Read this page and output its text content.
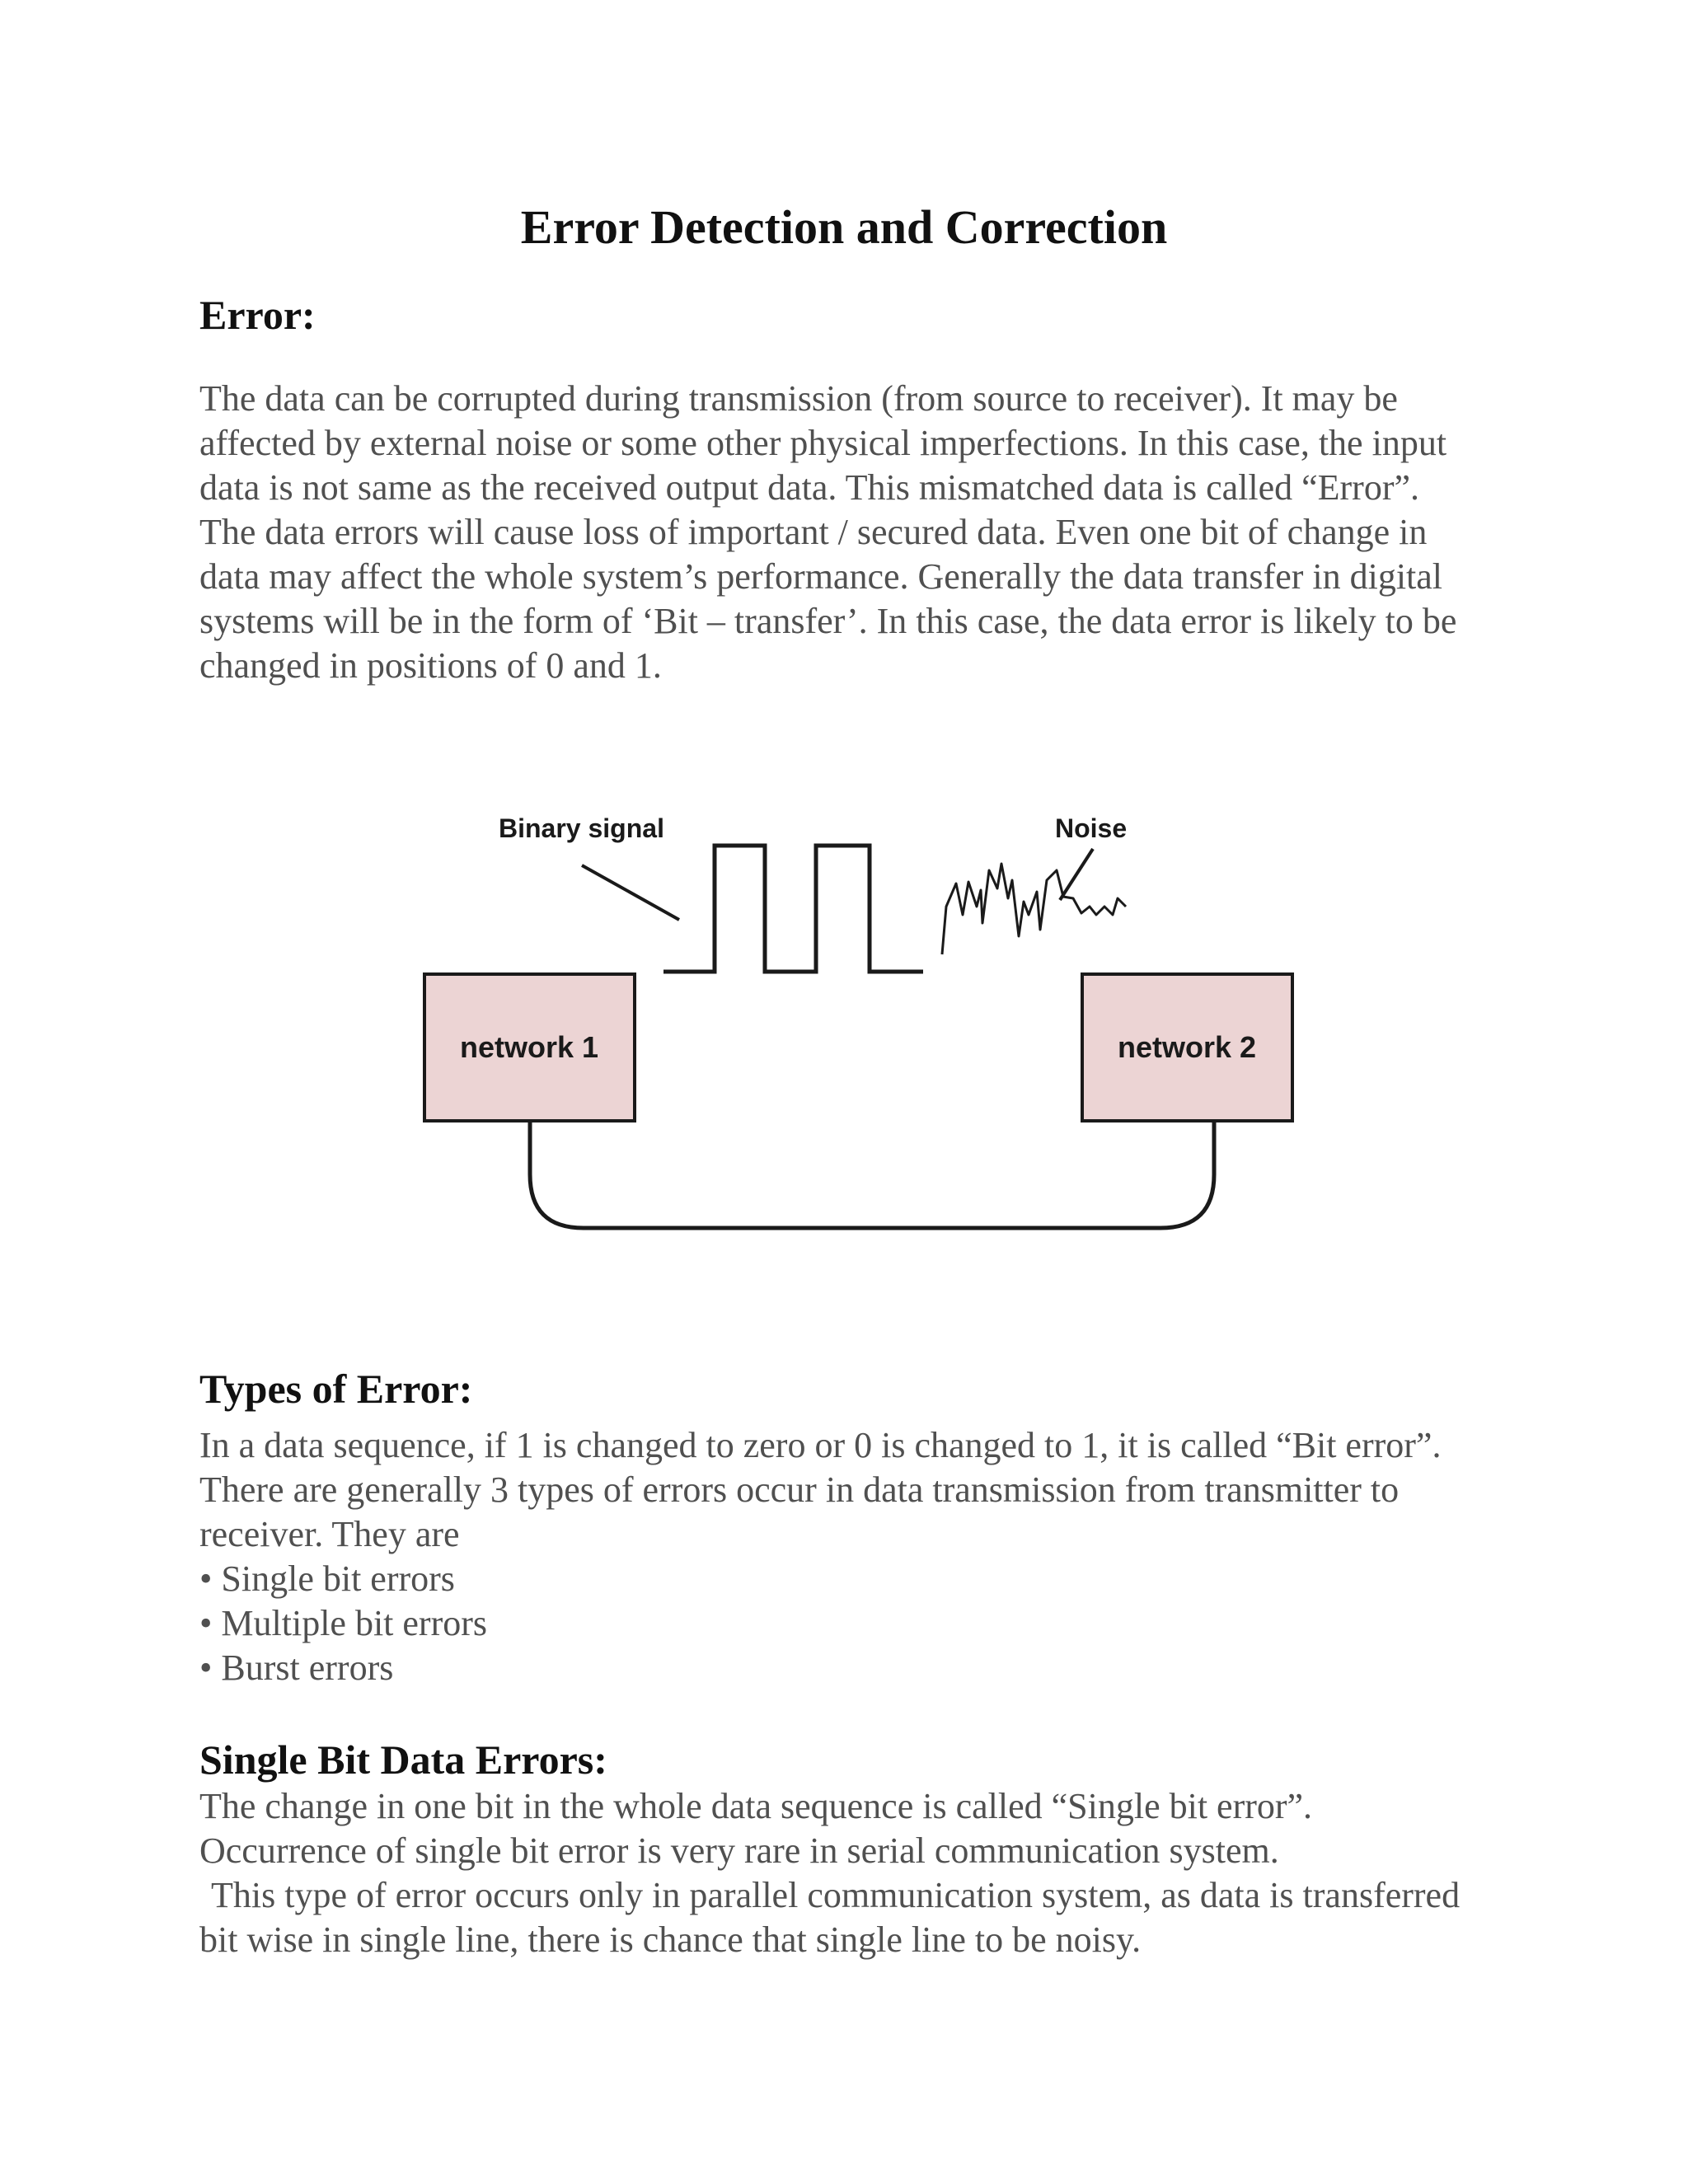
Error Detection and Correction
Error:

The data can be corrupted during transmission (from source to receiver). It may be affected by external noise or some other physical imperfections. In this case, the input data is not same as the received output data. This mismatched data is called “Error”.

The data errors will cause loss of important / secured data. Even one bit of change in data may affect the whole system’s performance. Generally the data transfer in digital systems will be in the form of ‘Bit – transfer’. In this case, the data error is likely to be changed in positions of 0 and 1.

network 1	network 2
Binary signal	Noise
Types of Error:

In a data sequence, if 1 is changed to zero or 0 is changed to 1, it is called “Bit error”.

There are generally 3 types of errors occur in data transmission from transmitter to receiver. They are

• Single bit errors
• Multiple bit errors
• Burst errors
Single Bit Data Errors:

The change in one bit in the whole data sequence is called “Single bit error”.

Occurrence of single bit error is very rare in serial communication system.

This type of error occurs only in parallel communication system, as data is transferred bit wise in single line, there is chance that single line to be noisy.
